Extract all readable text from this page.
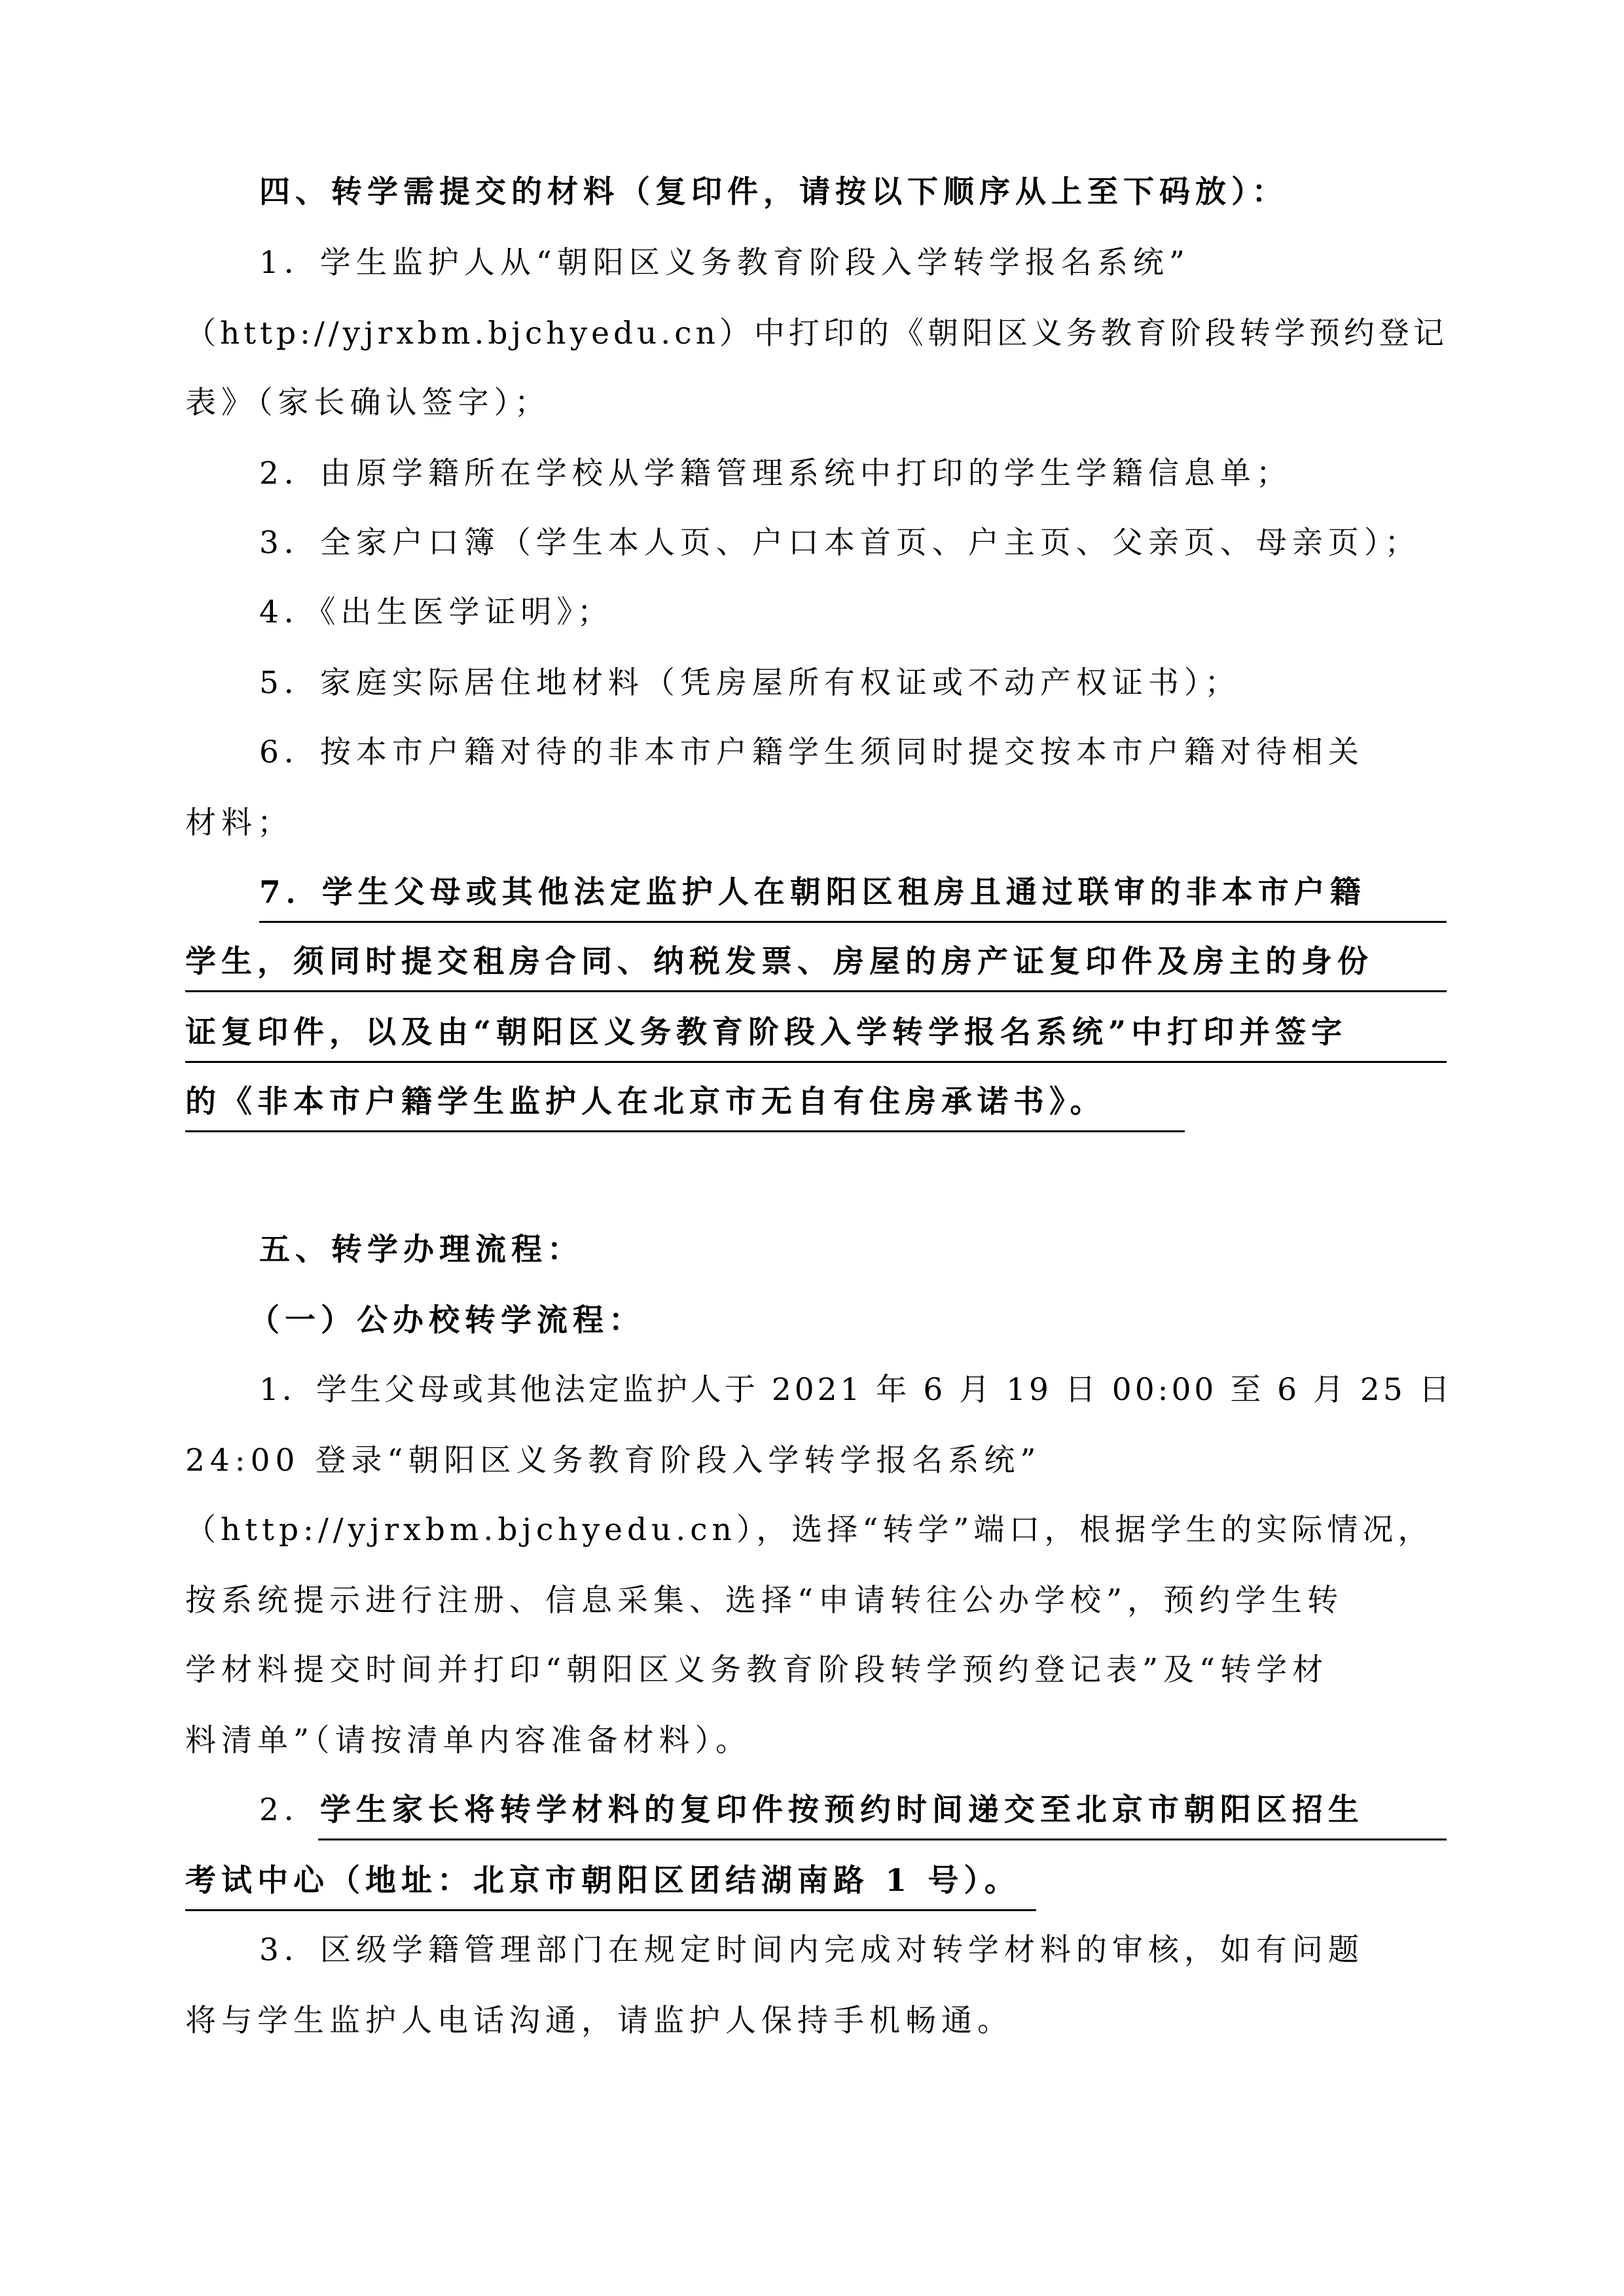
四、转学需提交的材料（复印件，请按以下顺序从上至下码放）：
1．学生监护人从“朝阳区义务教育阶段入学转学报名系统”
（http://yjrxbm.bjchyedu.cn）中打印的《朝阳区义务教育阶段转学预约登记
表》（家长确认签字）；
2．由原学籍所在学校从学籍管理系统中打印的学生学籍信息单；
3．全家户口簿（学生本人页、户口本首页、户主页、父亲页、母亲页）；
4．《出生医学证明》；
5．家庭实际居住地材料（凭房屋所有权证或不动产权证书）；
6．按本市户籍对待的非本市户籍学生须同时提交按本市户籍对待相关
材料；
7．学生父母或其他法定监护人在朝阳区租房且通过联审的非本市户籍
学生，须同时提交租房合同、纳税发票、房屋的房产证复印件及房主的身份
证复印件，以及由“朝阳区义务教育阶段入学转学报名系统”中打印并签字
的《非本市户籍学生监护人在北京市无自有住房承诺书》。
五、转学办理流程：
（一）公办校转学流程：
1．学生父母或其他法定监护人于 2021 年 6 月 19 日 00:00 至 6 月 25 日
24:00 登录“朝阳区义务教育阶段入学转学报名系统”
（http://yjrxbm.bjchyedu.cn），选择“转学”端口，根据学生的实际情况，
按系统提示进行注册、信息采集、选择“申请转往公办学校”，预约学生转
学材料提交时间并打印“朝阳区义务教育阶段转学预约登记表”及“转学材
料清单”（请按清单内容准备材料）。
2．学生家长将转学材料的复印件按预约时间递交至北京市朝阳区招生
考试中心（地址：北京市朝阳区团结湖南路 1 号）。
3．区级学籍管理部门在规定时间内完成对转学材料的审核，如有问题
将与学生监护人电话沟通，请监护人保持手机畅通。
